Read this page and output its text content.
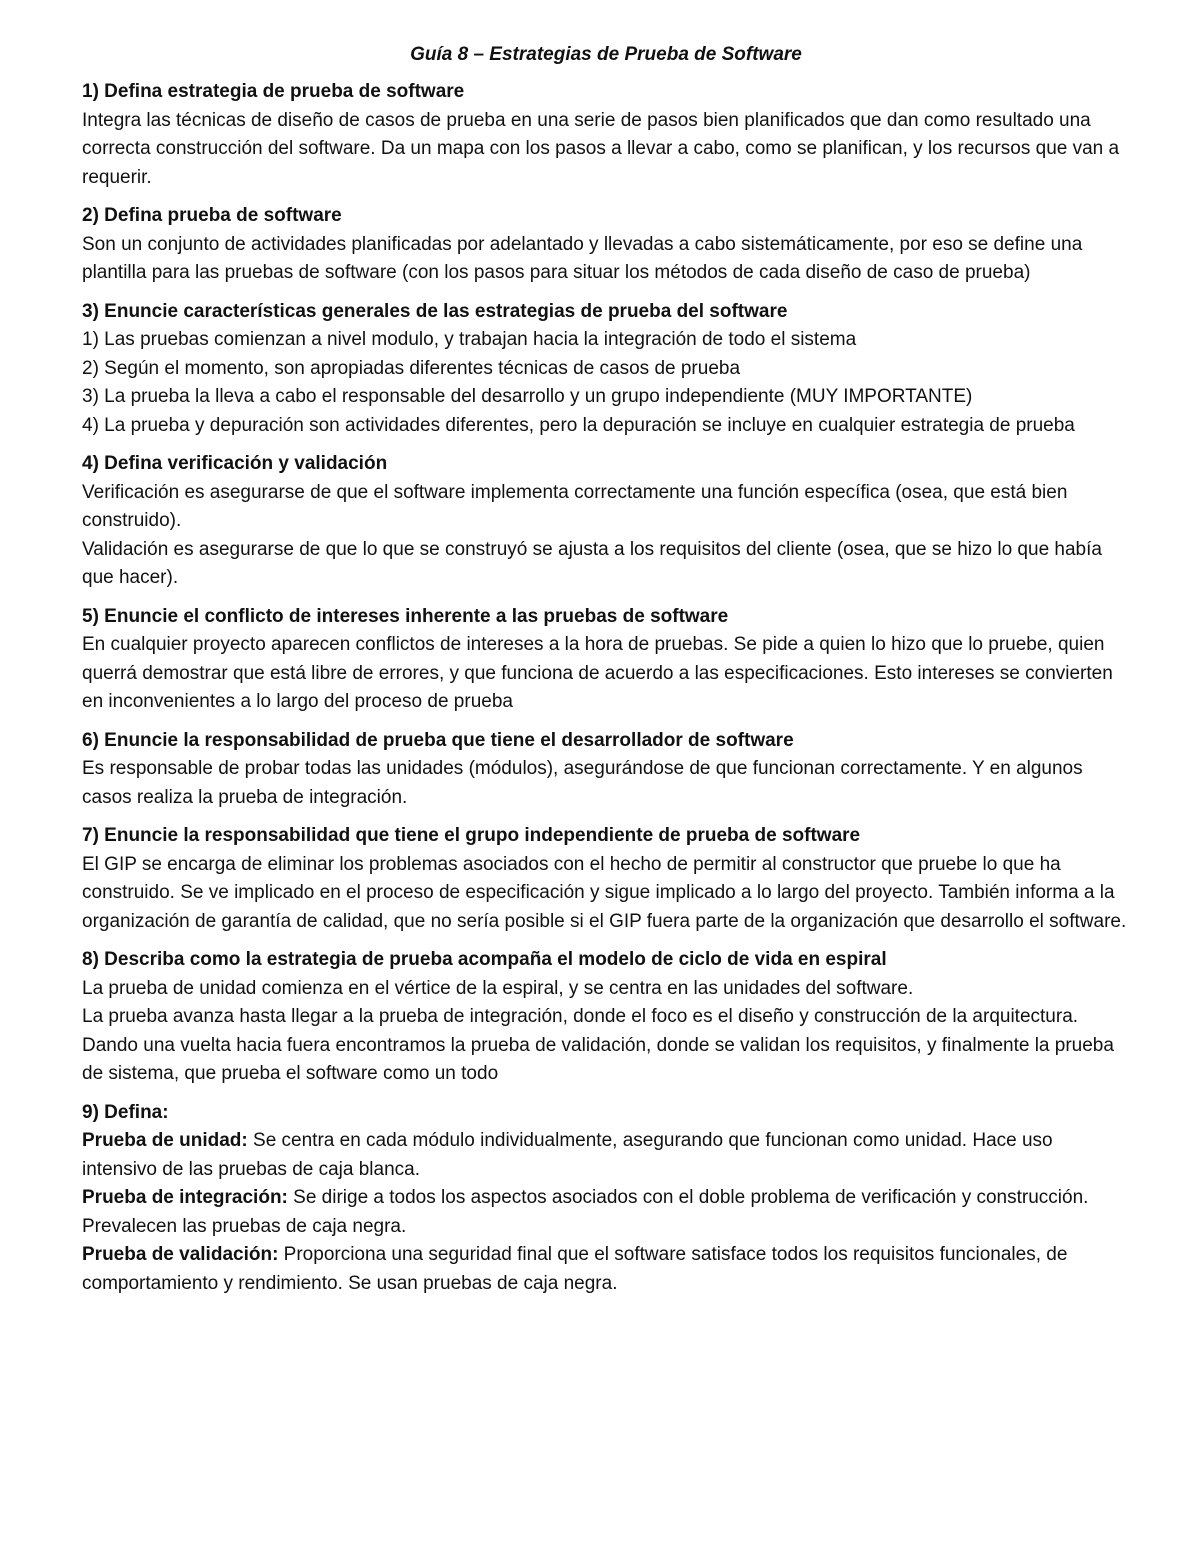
Guía 8 – Estrategias de Prueba de Software

1) Defina estrategia de prueba de software

Integra las técnicas de diseño de casos de prueba en una serie de pasos bien planificados que dan como resultado una correcta construcción del software. Da un mapa con los pasos a llevar a cabo, como se planifican, y los recursos que van a requerir.

2) Defina prueba de software

Son un conjunto de actividades planificadas por adelantado y llevadas a cabo sistemáticamente, por eso se define una plantilla para las pruebas de software (con los pasos para situar los métodos de cada diseño de caso de prueba)

3) Enuncie características generales de las estrategias de prueba del software

1) Las pruebas comienzan a nivel modulo, y trabajan hacia la integración de todo el sistema

2) Según el momento, son apropiadas diferentes técnicas de casos de prueba

3) La prueba la lleva a cabo el responsable del desarrollo y un grupo independiente (MUY IMPORTANTE)

4) La prueba y depuración son actividades diferentes, pero la depuración se incluye en cualquier estrategia de prueba

4) Defina verificación y validación

Verificación es asegurarse de que el software implementa correctamente una función específica (osea, que está bien construido).

Validación es asegurarse de que lo que se construyó se ajusta a los requisitos del cliente (osea, que se hizo lo que había que hacer).

5) Enuncie el conflicto de intereses inherente a las pruebas de software

En cualquier proyecto aparecen conflictos de intereses a la hora de pruebas. Se pide a quien lo hizo que lo pruebe, quien querrá demostrar que está libre de errores, y que funciona de acuerdo a las especificaciones. Esto intereses se convierten en inconvenientes a lo largo del proceso de prueba

6) Enuncie la responsabilidad de prueba que tiene el desarrollador de software

Es responsable de probar todas las unidades (módulos), asegurándose de que funcionan correctamente. Y en algunos casos realiza la prueba de integración.

7) Enuncie la responsabilidad que tiene el grupo independiente de prueba de software

El GIP se encarga de eliminar los problemas asociados con el hecho de permitir al constructor que pruebe lo que ha construido. Se ve implicado en el proceso de especificación y sigue implicado a lo largo del proyecto. También informa a la organización de garantía de calidad, que no sería posible si el GIP fuera parte de la organización que desarrollo el software.

8) Describa como la estrategia de prueba acompaña el modelo de ciclo de vida en espiral

La prueba de unidad comienza en el vértice de la espiral, y se centra en las unidades del software.

La prueba avanza hasta llegar a la prueba de integración, donde el foco es el diseño y construcción de la arquitectura.

Dando una vuelta hacia fuera encontramos la prueba de validación, donde se validan los requisitos, y finalmente la prueba de sistema, que prueba el software como un todo

9) Defina:

Prueba de unidad: Se centra en cada módulo individualmente, asegurando que funcionan como unidad. Hace uso intensivo de las pruebas de caja blanca.

Prueba de integración: Se dirige a todos los aspectos asociados con el doble problema de verificación y construcción. Prevalecen las pruebas de caja negra.

Prueba de validación: Proporciona una seguridad final que el software satisface todos los requisitos funcionales, de comportamiento y rendimiento. Se usan pruebas de caja negra.
